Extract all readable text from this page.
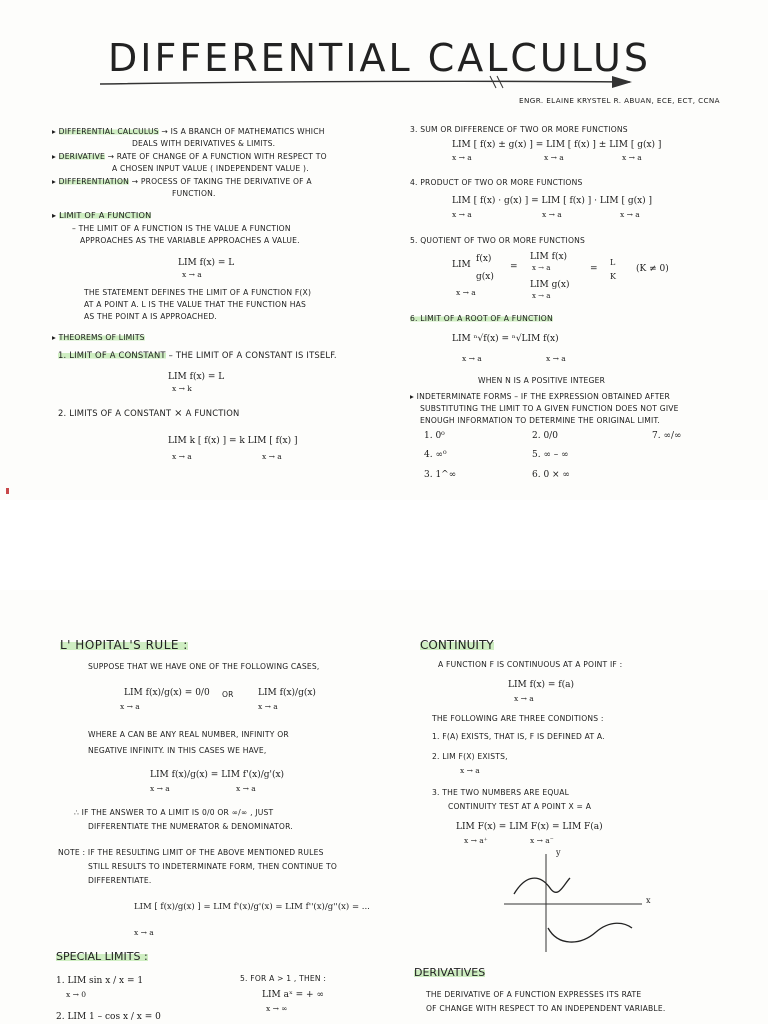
DIFFERENTIAL CALCULUS
ENGR. ELAINE KRYSTEL R. ABUAN, ECE, ECT, CCNA
▸ DIFFERENTIAL CALCULUS → IS A BRANCH OF MATHEMATICS WHICH
DEALS WITH DERIVATIVES & LIMITS.
▸ DERIVATIVE → RATE OF CHANGE OF A FUNCTION WITH RESPECT TO
A CHOSEN INPUT VALUE ( INDEPENDENT VALUE ).
▸ DIFFERENTIATION → PROCESS OF TAKING THE DERIVATIVE OF A
FUNCTION.
▸ LIMIT OF A FUNCTION
– THE LIMIT OF A FUNCTION IS THE VALUE A FUNCTION
APPROACHES AS THE VARIABLE APPROACHES A VALUE.
LIM f(x) = L
x → a
THE STATEMENT DEFINES THE LIMIT OF A FUNCTION F(X)
AT A POINT A. L IS THE VALUE THAT THE FUNCTION HAS
AS THE POINT A IS APPROACHED.
▸ THEOREMS OF LIMITS
1. LIMIT OF A CONSTANT – THE LIMIT OF A CONSTANT IS ITSELF.
LIM f(x) = L
x → k
2. LIMITS OF A CONSTANT × A FUNCTION
LIM k [ f(x) ] = k LIM [ f(x) ]
x → a	x → a
3. SUM OR DIFFERENCE OF TWO OR MORE FUNCTIONS
LIM [ f(x) ± g(x) ] = LIM [ f(x) ] ± LIM [ g(x) ]
x → a	x → a	x → a
4. PRODUCT OF TWO OR MORE FUNCTIONS
LIM [ f(x) · g(x) ] = LIM [ f(x) ] · LIM [ g(x) ]
x → a	x → a	x → a
5. QUOTIENT OF TWO OR MORE FUNCTIONS
LIM
f(x)
g(x)
x → a
=
LIM f(x)
x → a
LIM g(x)
x → a
=
L
K
(K ≠ 0)
6. LIMIT OF A ROOT OF A FUNCTION
LIM ⁿ√f(x) = ⁿ√LIM f(x)
x → a	x → a
WHEN N IS A POSITIVE INTEGER
▸ INDETERMINATE FORMS – IF THE EXPRESSION OBTAINED AFTER
SUBSTITUTING THE LIMIT TO A GIVEN FUNCTION DOES NOT GIVE
ENOUGH INFORMATION TO DETERMINE THE ORIGINAL LIMIT.
1. 0⁰	2. 0/0	7. ∞/∞
4. ∞⁰	5. ∞ – ∞
3. 1^∞	6. 0 × ∞
L' HOPITAL'S RULE :
SUPPOSE THAT WE HAVE ONE OF THE FOLLOWING CASES,
LIM f(x)/g(x) = 0/0
x → a
OR	LIM f(x)/g(x)
x → a
WHERE A CAN BE ANY REAL NUMBER, INFINITY OR
NEGATIVE INFINITY. IN THIS CASES WE HAVE,
LIM f(x)/g(x) = LIM f'(x)/g'(x)
x → a	x → a
∴ IF THE ANSWER TO A LIMIT IS 0/0 OR ∞/∞ , JUST
DIFFERENTIATE THE NUMERATOR & DENOMINATOR.
NOTE : IF THE RESULTING LIMIT OF THE ABOVE MENTIONED RULES
STILL RESULTS TO INDETERMINATE FORM, THEN CONTINUE TO
DIFFERENTIATE.
LIM [ f(x)/g(x) ] = LIM f'(x)/g'(x) = LIM f''(x)/g''(x) = ...
x → a
SPECIAL LIMITS :
1. LIM sin x / x = 1
x → 0
2. LIM 1 – cos x / x = 0
5. FOR A > 1 , THEN :
LIM aˣ = + ∞
x → ∞
CONTINUITY
A FUNCTION F IS CONTINUOUS AT A POINT IF :
LIM f(x) = f(a)
x → a
THE FOLLOWING ARE THREE CONDITIONS :
1. F(A) EXISTS, THAT IS, F IS DEFINED AT A.
2. LIM F(X) EXISTS,
x → a
3. THE TWO NUMBERS ARE EQUAL
CONTINUITY TEST AT A POINT X = A
LIM F(x) = LIM F(x) = LIM F(a)
x → a⁺	x → a⁻
y
x
DERIVATIVES
THE DERIVATIVE OF A FUNCTION EXPRESSES ITS RATE
OF CHANGE WITH RESPECT TO AN INDEPENDENT VARIABLE.
